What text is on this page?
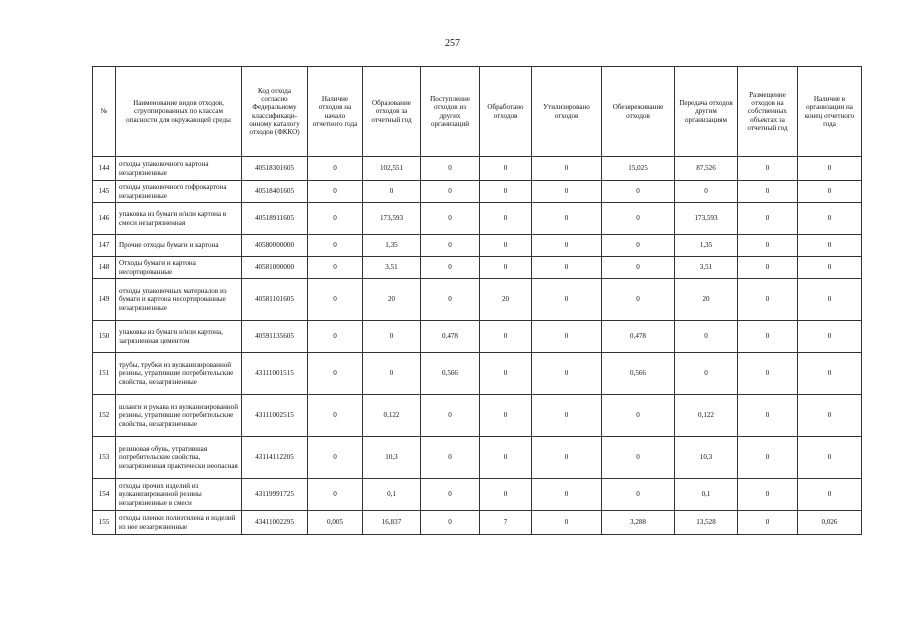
257
№	Наименование видов отходов, сгруппированных по классам опасности для окружающей среды	Код отхода согласно Федеральному классификаци-онному каталогу отходов (ФККО)	Наличие отходов на начало отчетного года	Образование отходов за отчетный год	Поступление отходов из других организаций	Обработано отходов	Утилизировано отходов	Обезвреживание отходов	Передача отходов другим организациям	Размещение отходов на собственных объектах за отчетный год	Наличие в организации на конец отчетного года
144	отходы упаковочного картона незагрязненные	40518301605	0	102,551	0	0	0	15,025	87,526	0	0
145	отходы упаковочного гофрокартона незагрязненные	40518401605	0	0	0	0	0	0	0	0	0
146	упаковка из бумаги и/или картона в смеси незагрязненная	40518911605	0	173,593	0	0	0	0	173,593	0	0
147	Прочие отходы бумаги и картона	40580000000	0	1,35	0	0	0	0	1,35	0	0
148	Отходы бумаги и картона несортированные	40581000000	0	3,51	0	0	0	0	3,51	0	0
149	отходы упаковочных материалов из бумаги и картона несортированные незагрязненные	40581101605	0	20	0	20	0	0	20	0	0
150	упаковка из бумаги и/или картона, загрязненная цементом	40591135605	0	0	0,478	0	0	0,478	0	0	0
151	трубы, трубки из вулканизированной резины, утратившие потребительские свойства, незагрязненные	43111001515	0	0	0,566	0	0	0,566	0	0	0
152	шланги и рукава из вулканизированной резины, утратившие потребительские свойства, незагрязненные	43111002515	0	0,122	0	0	0	0	0,122	0	0
153	резиновая обувь, утратившая потребительские свойства, незагрязненная практически неопасная	43114112205	0	10,3	0	0	0	0	10,3	0	0
154	отходы прочих изделий из вулканизированной резины незагрязненные в смеси	43119991725	0	0,1	0	0	0	0	0,1	0	0
155	отходы пленки полиэтилена и изделий из нее незагрязненные	43411002295	0,005	16,837	0	7	0	3,288	13,528	0	0,026
